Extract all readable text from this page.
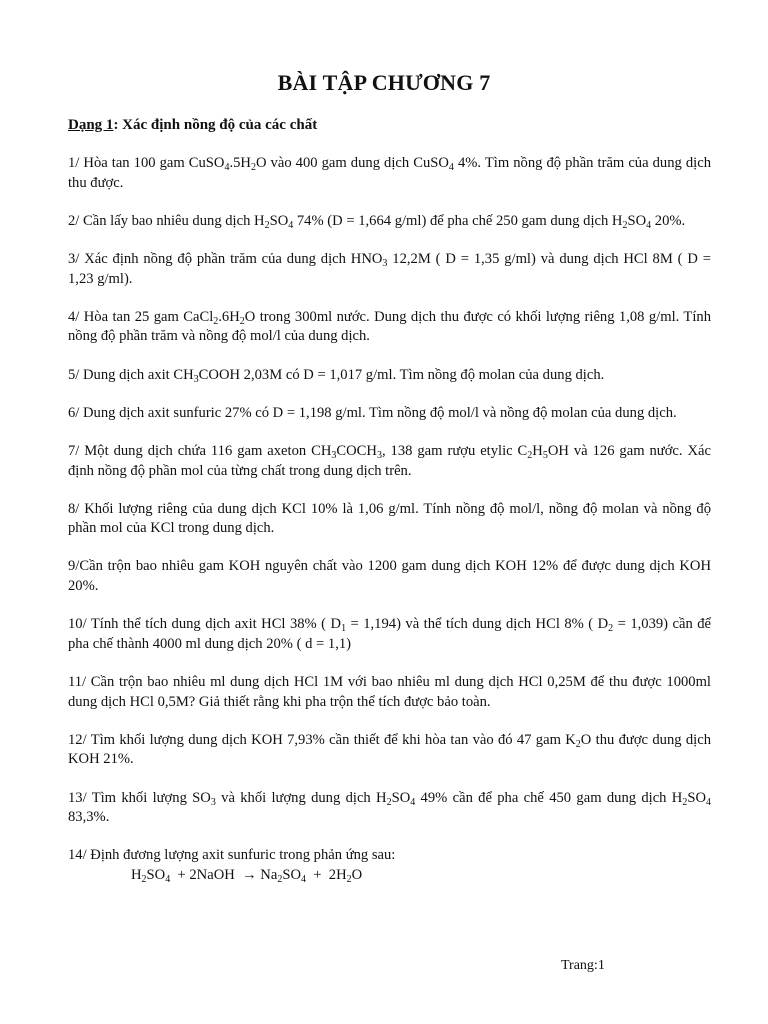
BÀI TẬP CHƯƠNG 7
Dạng 1: Xác định nồng độ của các chất

1/ Hòa tan 100 gam $CuSO_4.5H_2O$ vào 400 gam dung dịch CuSO$_4$ 4%. Tìm nồng độ phần trăm của dung dịch thu được.

2/ Cần lấy bao nhiêu dung dịch $H_2SO_4$ 74% (D = 1,664 g/ml) để pha chế 250 gam dung dịch $H_2SO_4$ 20%.

3/ Xác định nồng độ phần trăm của dung dịch $HNO_3$ 12,2M ( D = 1,35 g/ml) và dung dịch HCl 8M ( D = 1,23 g/ml).

4/ Hòa tan 25 gam $CaCl_2.6H_2O$ trong 300ml nước. Dung dịch thu được có khối lượng riêng 1,08 g/ml. Tính nồng độ phần trăm và nồng độ mol/l của dung dịch.

5/ Dung dịch axit $CH_3COOH$ 2,03M có D = 1,017 g/ml. Tìm nồng độ molan của dung dịch.

6/ Dung dịch axit sunfuric 27% có D = 1,198 g/ml. Tìm nồng độ mol/l và nồng độ molan của dung dịch.

7/ Một dung dịch chứa 116 gam axeton $CH_3COCH_3$, 138 gam rượu etylic $C_2H_5OH$ và 126 gam nước. Xác định nồng độ phần mol của từng chất trong dung dịch trên.

8/ Khối lượng riêng của dung dịch KCl 10% là 1,06 g/ml. Tính nồng độ mol/l, nồng độ molan và nồng độ phần mol của KCl trong dung dịch.

9/Cần trộn bao nhiêu gam KOH nguyên chất vào 1200 gam dung dịch KOH 12% để được dung dịch KOH 20%.

10/ Tính thể tích dung dịch axit HCl 38% ( $D_1 = 1,194$) và thể tích dung dịch HCl 8% ( $D_2 = 1,039$) cần để pha chế thành 4000 ml dung dịch 20% ( d = 1,1)

11/ Cần trộn bao nhiêu ml dung dịch HCl 1M với bao nhiêu ml dung dịch HCl 0,25M để thu được 1000ml dung dịch HCl 0,5M? Giả thiết rằng khi pha trộn thể tích được bảo toàn.

12/ Tìm khối lượng dung dịch KOH 7,93% cần thiết để khi hòa tan vào đó 47 gam $K_2O$ thu được dung dịch KOH 21%.

13/ Tìm khối lượng $SO_3$ và khối lượng dung dịch $H_2SO_4$ 49% cần để pha chế 450 gam dung dịch $H_2SO_4$ 83,3%.

14/ Định đương lượng axit sunfuric trong phản ứng sau:

$H_2SO_4$  + 2NaOH  → $Na_2SO_4 + 2H_2O$
Trang:1
